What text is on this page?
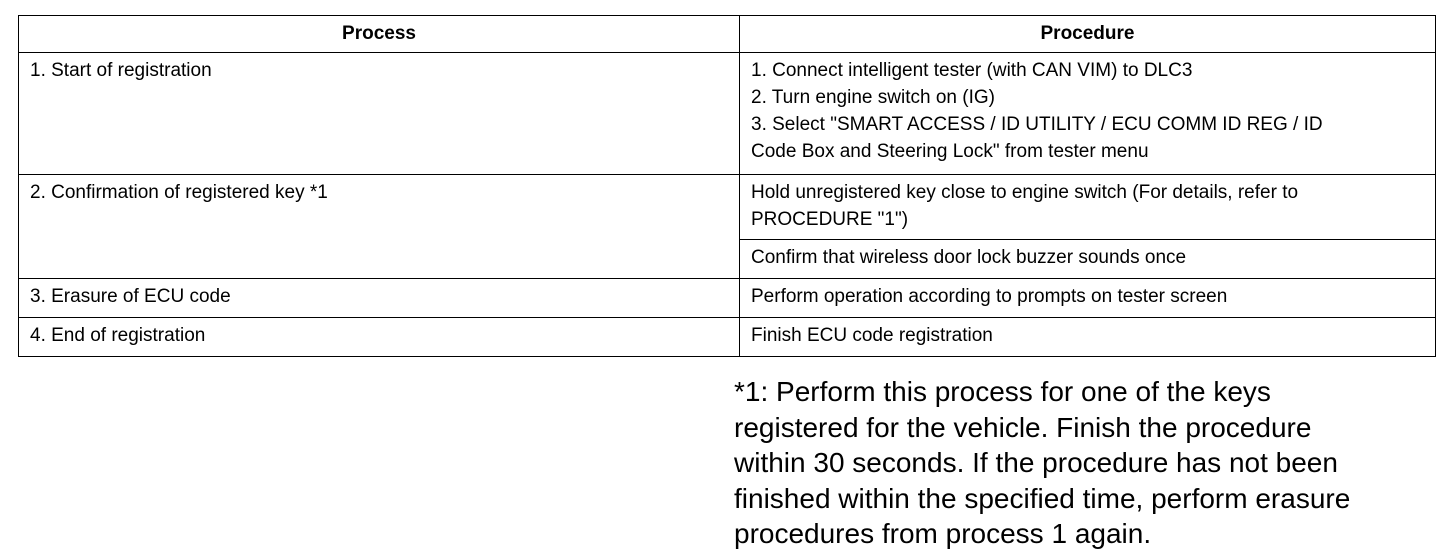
Process	Procedure
1. Start of registration	1. Connect intelligent tester (with CAN VIM) to DLC3
2. Turn engine switch on (IG)
3. Select "SMART ACCESS / ID UTILITY / ECU COMM ID REG / ID
Code Box and Steering Lock" from tester menu

2. Confirmation of registered key *1	Hold unregistered key close to engine switch (For details, refer to
PROCEDURE "1")

	Confirm that wireless door lock buzzer sounds once
3. Erasure of ECU code	Perform operation according to prompts on tester screen
4. End of registration	Finish ECU code registration

*1: Perform this process for one of the keys
registered for the vehicle. Finish the procedure
within 30 seconds. If the procedure has not been
finished within the specified time, perform erasure
procedures from process 1 again.
